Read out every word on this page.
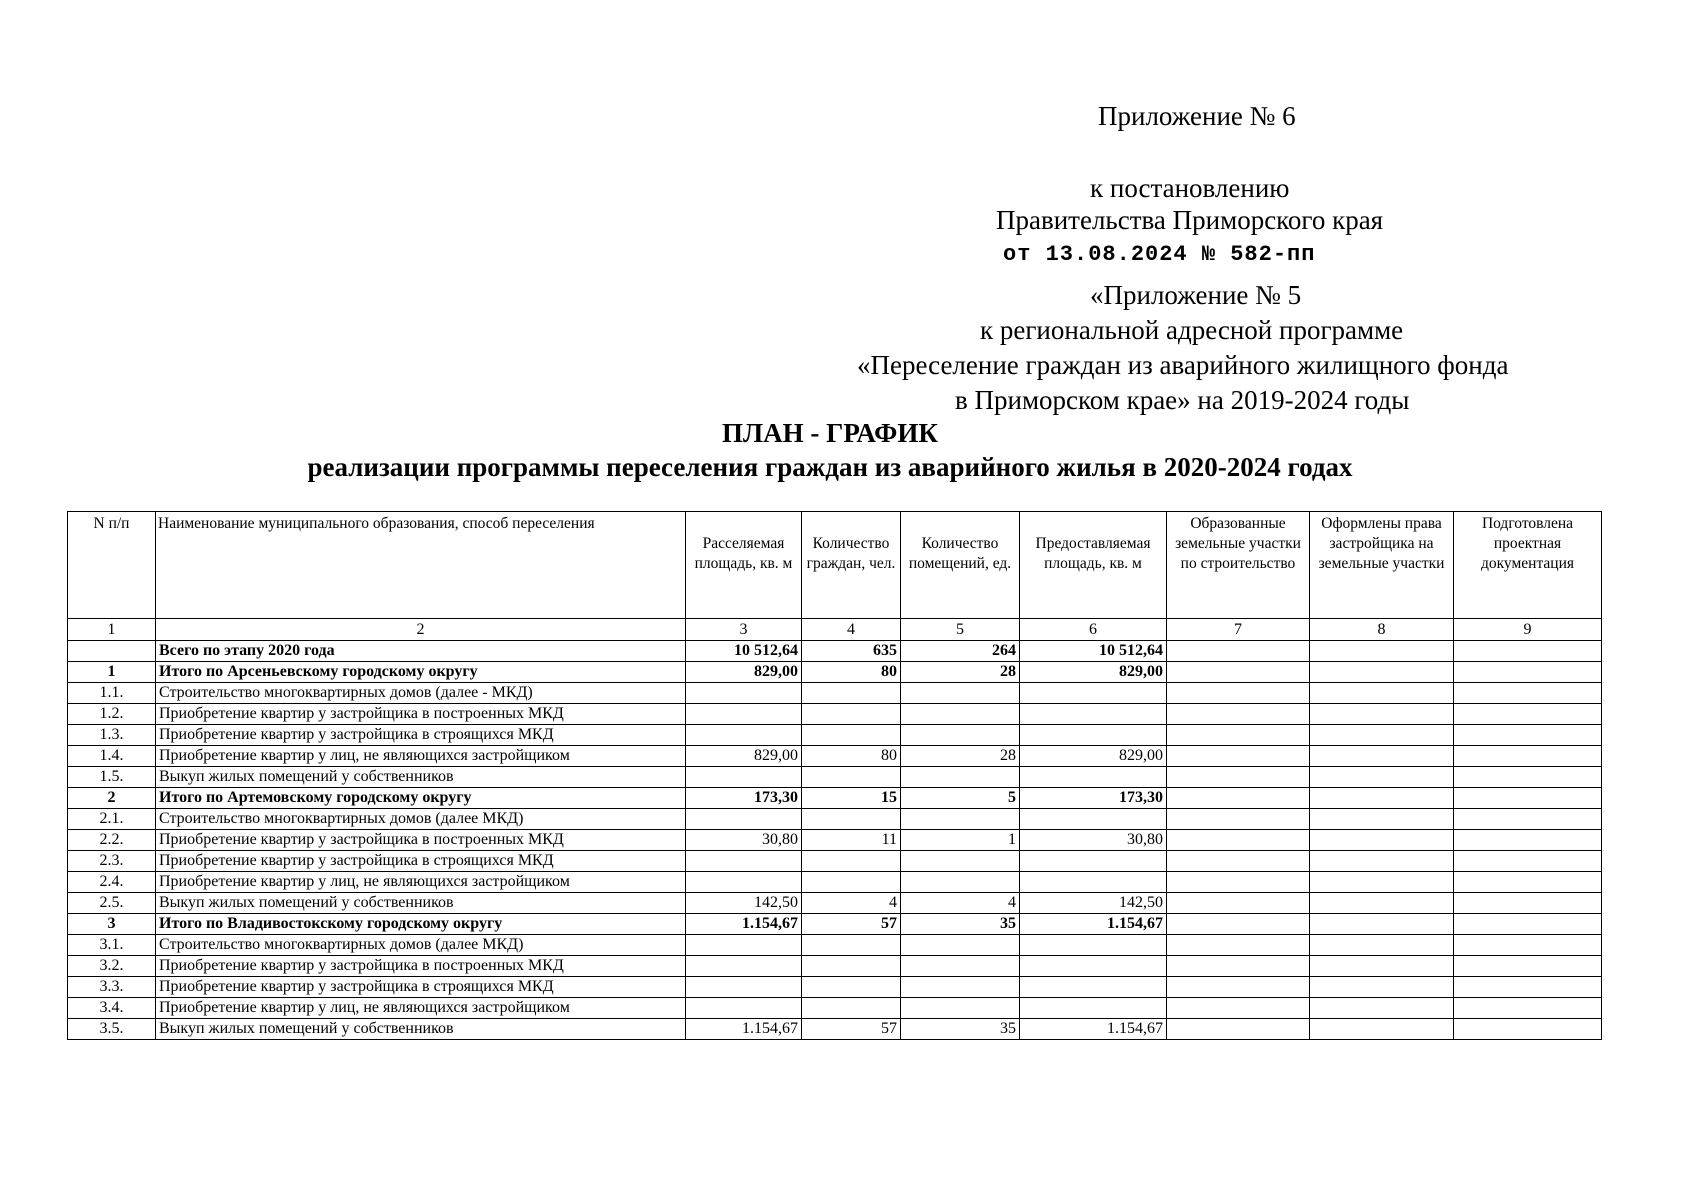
Приложение № 6
к постановлению
Правительства Приморского края
от 13.08.2024 № 582-пп
«Приложение № 5
к региональной адресной программе
«Переселение граждан из аварийного жилищного фонда
в Приморском крае» на 2019-2024 годы
ПЛАН - ГРАФИК
реализации программы переселения граждан из аварийного жилья в 2020-2024 годах
N п/п	Наименование муниципального образования, способ переселения	Расселяемая площадь, кв. м	Количество граждан, чел.	Количество помещений, ед.	Предоставляемая площадь, кв. м	Образованные земельные участки по строительство	Оформлены права застройщика на земельные участки	Подготовлена проектная документация
1	2	3	4	5	6	7	8	9
	Всего по этапу 2020 года	10 512,64	635	264	10 512,64			
1	Итого по Арсеньевскому городскому округу	829,00	80	28	829,00			
1.1.	Строительство многоквартирных домов (далее - МКД)							
1.2.	Приобретение квартир у застройщика в построенных МКД							
1.3.	Приобретение квартир у застройщика в строящихся МКД							
1.4.	Приобретение квартир у лиц, не являющихся застройщиком	829,00	80	28	829,00			
1.5.	Выкуп жилых помещений у собственников							
2	Итого по Артемовскому городскому округу	173,30	15	5	173,30			
2.1.	Строительство многоквартирных домов (далее МКД)							
2.2.	Приобретение квартир у застройщика в построенных МКД	30,80	11	1	30,80			
2.3.	Приобретение квартир у застройщика в строящихся МКД							
2.4.	Приобретение квартир у лиц, не являющихся застройщиком							
2.5.	Выкуп жилых помещений у собственников	142,50	4	4	142,50			
3	Итого по Владивостокскому городскому округу	1.154,67	57	35	1.154,67			
3.1.	Строительство многоквартирных домов (далее МКД)							
3.2.	Приобретение квартир у застройщика в построенных МКД							
3.3.	Приобретение квартир у застройщика в строящихся МКД							
3.4.	Приобретение квартир у лиц, не являющихся застройщиком							
3.5.	Выкуп жилых помещений у собственников	1.154,67	57	35	1.154,67			
